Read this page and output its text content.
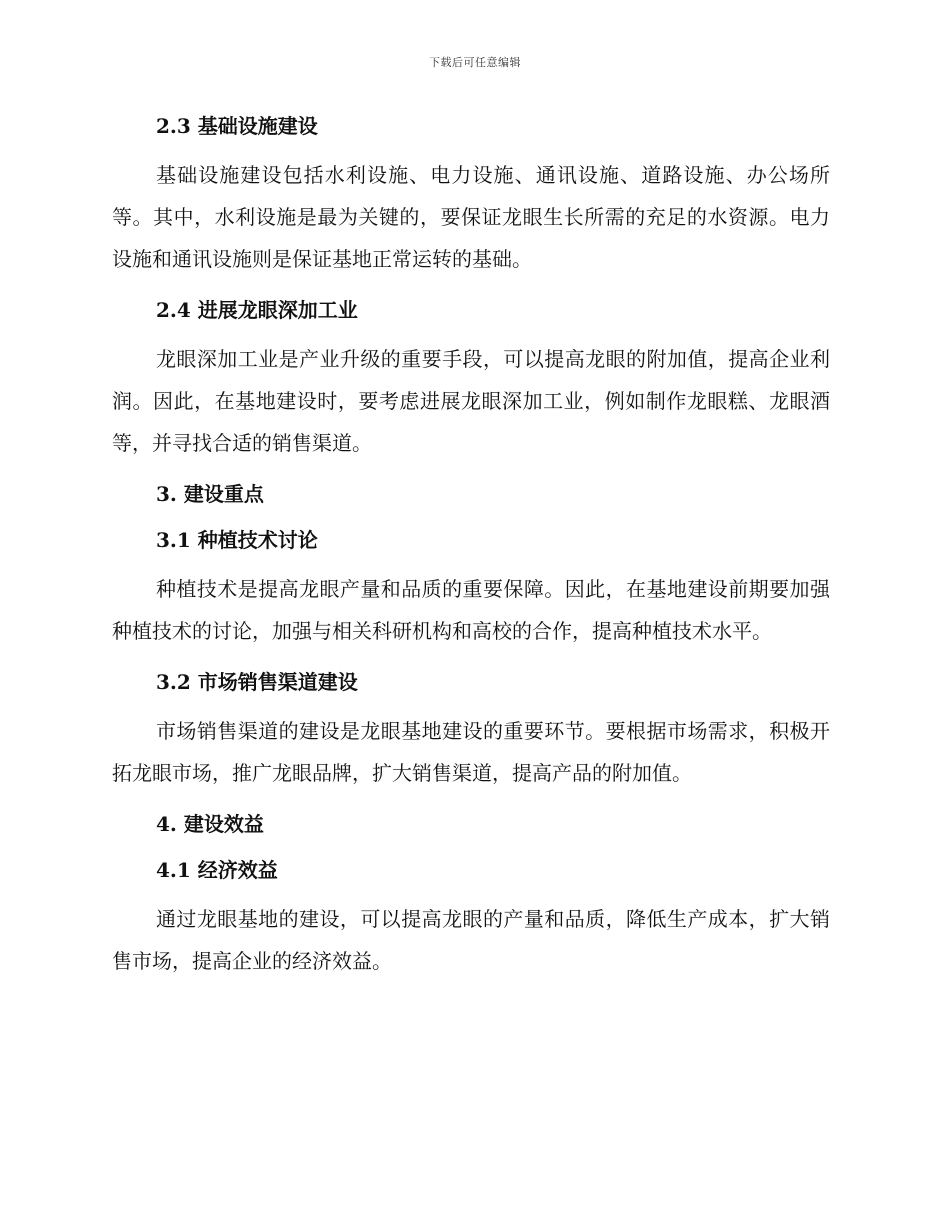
下载后可任意编辑
2.3 基础设施建设
基础设施建设包括水利设施、电力设施、通讯设施、道路设施、办公场所等。其中，水利设施是最为关键的，要保证龙眼生长所需的充足的水资源。电力设施和通讯设施则是保证基地正常运转的基础。
2.4 进展龙眼深加工业
龙眼深加工业是产业升级的重要手段，可以提高龙眼的附加值，提高企业利润。因此，在基地建设时，要考虑进展龙眼深加工业，例如制作龙眼糕、龙眼酒等，并寻找合适的销售渠道。
3. 建设重点
3.1 种植技术讨论
种植技术是提高龙眼产量和品质的重要保障。因此，在基地建设前期要加强种植技术的讨论，加强与相关科研机构和高校的合作，提高种植技术水平。
3.2 市场销售渠道建设
市场销售渠道的建设是龙眼基地建设的重要环节。要根据市场需求，积极开拓龙眼市场，推广龙眼品牌，扩大销售渠道，提高产品的附加值。
4. 建设效益
4.1 经济效益
通过龙眼基地的建设，可以提高龙眼的产量和品质，降低生产成本，扩大销售市场，提高企业的经济效益。
